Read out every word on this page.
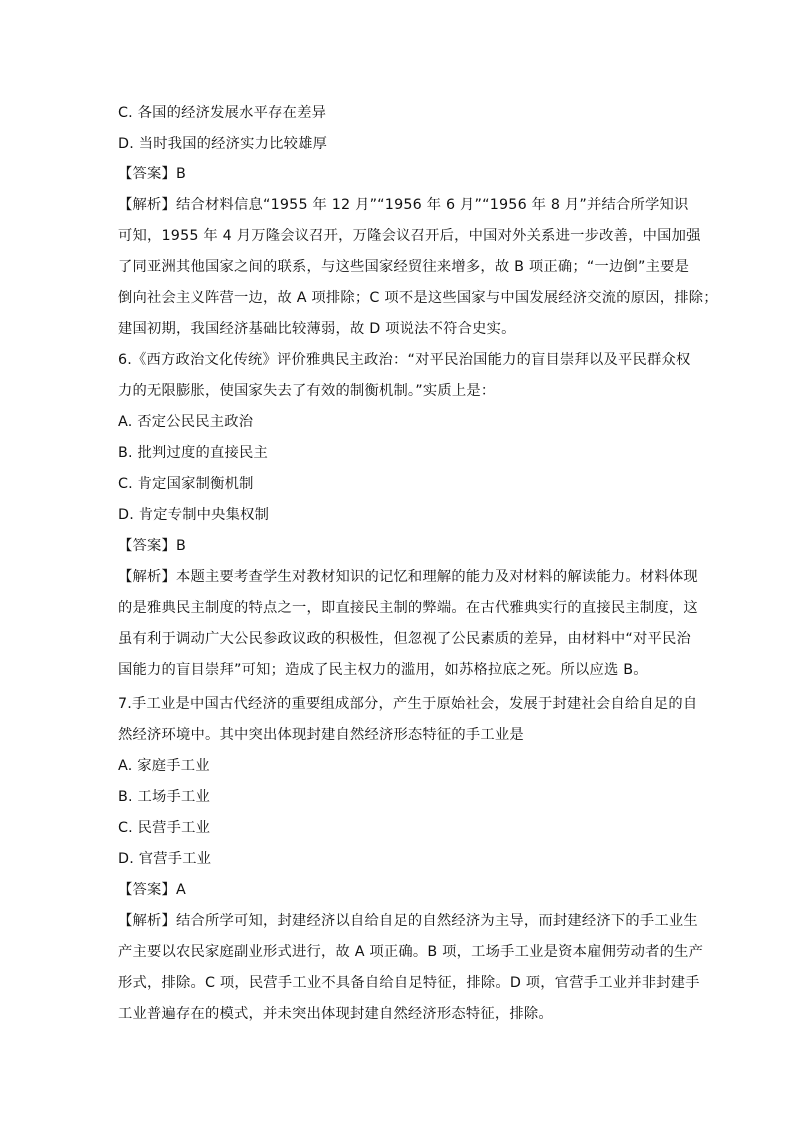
C. 各国的经济发展水平存在差异
D. 当时我国的经济实力比较雄厚
【答案】B
【解析】结合材料信息“1955 年 12 月”“1956 年 6 月”“1956 年 8 月”并结合所学知识
可知，1955 年 4 月万隆会议召开，万隆会议召开后，中国对外关系进一步改善，中国加强
了同亚洲其他国家之间的联系，与这些国家经贸往来增多，故 B 项正确；“一边倒”主要是
倒向社会主义阵营一边，故 A 项排除；C 项不是这些国家与中国发展经济交流的原因，排除；
建国初期，我国经济基础比较薄弱，故 D 项说法不符合史实。
6.《西方政治文化传统》评价雅典民主政治：“对平民治国能力的盲目崇拜以及平民群众权
力的无限膨胀，使国家失去了有效的制衡机制。”实质上是：
A. 否定公民民主政治
B. 批判过度的直接民主
C. 肯定国家制衡机制
D. 肯定专制中央集权制
【答案】B
【解析】本题主要考查学生对教材知识的记忆和理解的能力及对材料的解读能力。材料体现
的是雅典民主制度的特点之一，即直接民主制的弊端。在古代雅典实行的直接民主制度，这
虽有利于调动广大公民参政议政的积极性，但忽视了公民素质的差异，由材料中“对平民治
国能力的盲目崇拜”可知；造成了民主权力的滥用，如苏格拉底之死。所以应选 B。
7.手工业是中国古代经济的重要组成部分，产生于原始社会，发展于封建社会自给自足的自
然经济环境中。其中突出体现封建自然经济形态特征的手工业是
A. 家庭手工业
B. 工场手工业
C. 民营手工业
D. 官营手工业
【答案】A
【解析】结合所学可知，封建经济以自给自足的自然经济为主导，而封建经济下的手工业生
产主要以农民家庭副业形式进行，故 A 项正确。B 项，工场手工业是资本雇佣劳动者的生产
形式，排除。C 项，民营手工业不具备自给自足特征，排除。D 项，官营手工业并非封建手
工业普遍存在的模式，并未突出体现封建自然经济形态特征，排除。
